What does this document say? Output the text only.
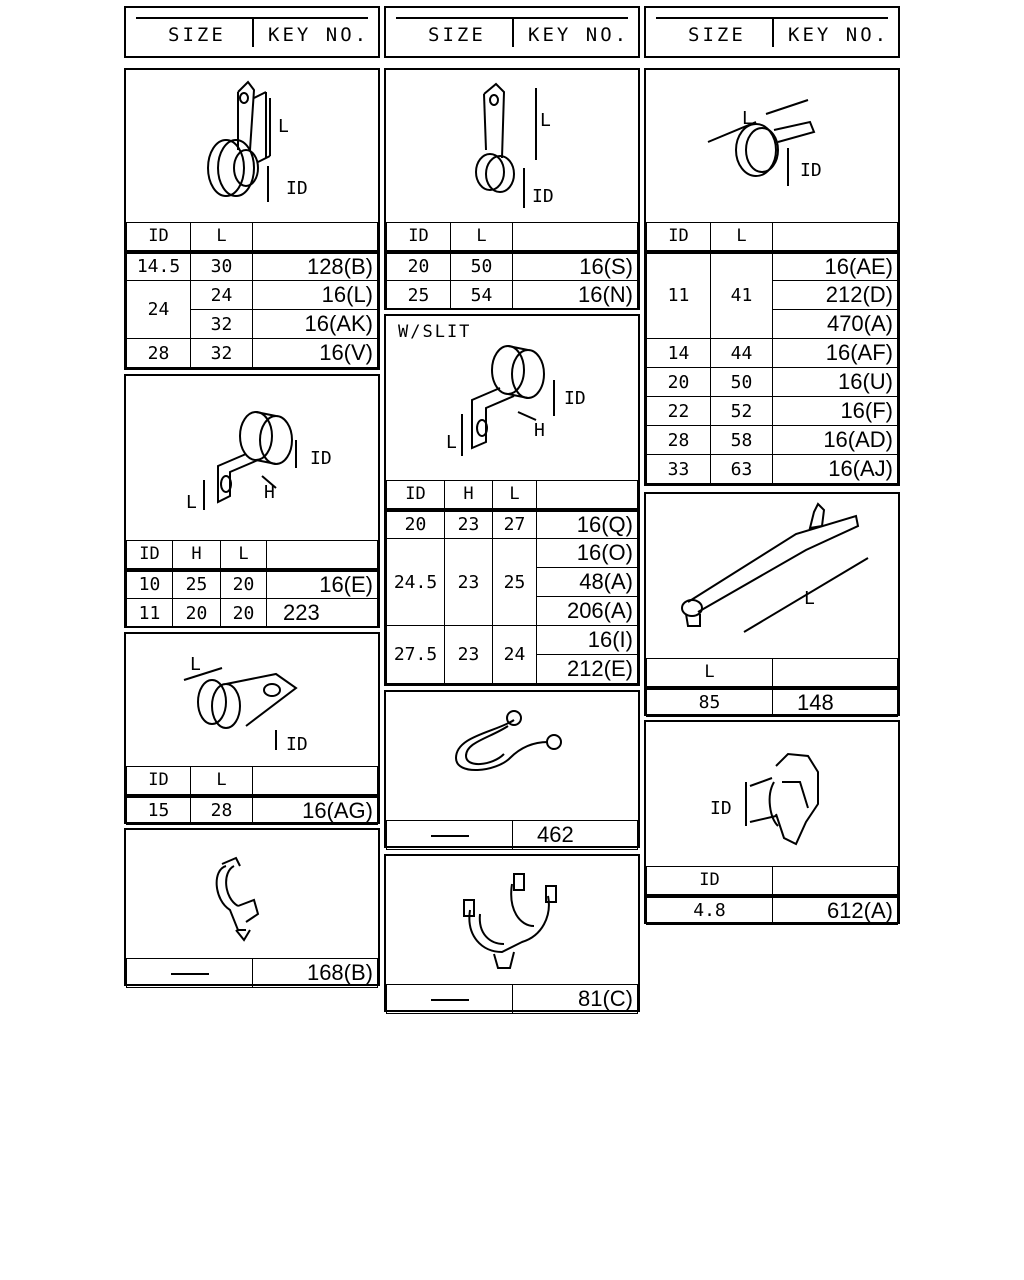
SIZE KEY NO.
L
ID
ID	L	
14.5	30	128(B)
24	24	16(L)
	32	16(AK)
28	32	16(V)
ID
H
L
ID	H	L	
10	25	20	16(E)
11	20	20	223
L
ID
ID	L	
15	28	16(AG)
	168(B)
SIZE KEY NO.
L
ID
ID	L	
20	50	16(S)
25	54	16(N)
W/SLIT
ID
H
L
ID	H	L	
20	23	27	16(Q)
24.5	23	25	16(O)
			48(A)
			206(A)
27.5	23	24	16(I)
			212(E)
	462
	81(C)
SIZE KEY NO.
L
ID
ID	L	
11	41	16(AE)
		212(D)
		470(A)
14	44	16(AF)
20	50	16(U)
22	52	16(F)
28	58	16(AD)
33	63	16(AJ)
L
L	
85	148
ID
ID	
4.8	612(A)
